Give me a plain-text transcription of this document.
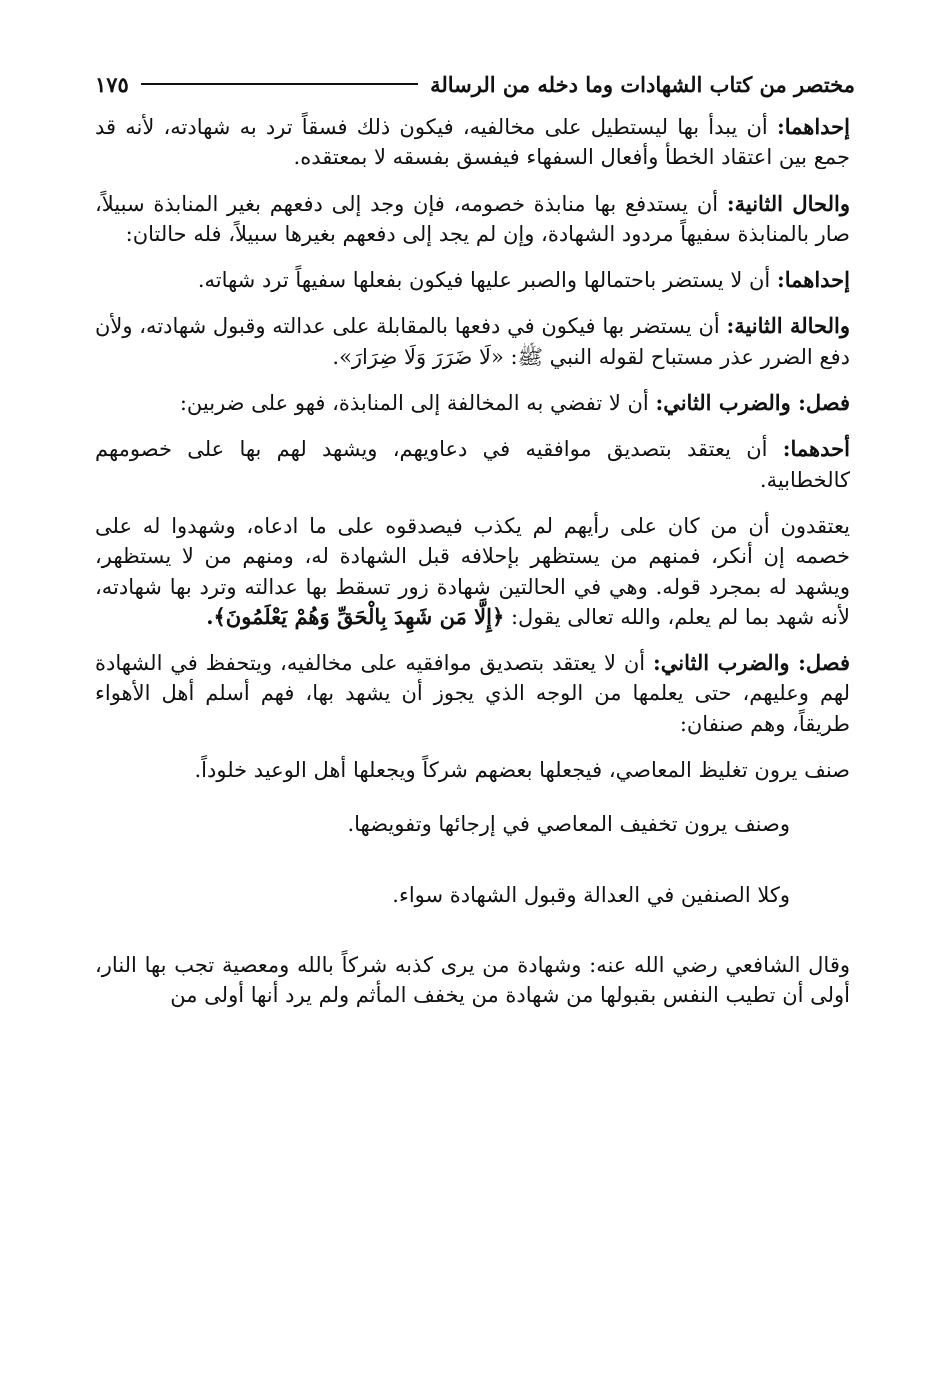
مختصر من كتاب الشهادات وما دخله من الرسالة
١٧٥

إحداهما: أن يبدأ بها ليستطيل على مخالفيه، فيكون ذلك فسقاً ترد به شهادته، لأنه قد جمع بين اعتقاد الخطأ وأفعال السفهاء فيفسق بفسقه لا بمعتقده.

والحال الثانية: أن يستدفع بها منابذة خصومه، فإن وجد إلى دفعهم بغير المنابذة سبيلاً، صار بالمنابذة سفيهاً مردود الشهادة، وإن لم يجد إلى دفعهم بغيرها سبيلاً، فله حالتان:

إحداهما: أن لا يستضر باحتمالها والصبر عليها فيكون بفعلها سفيهاً ترد شهاته.

والحالة الثانية: أن يستضر بها فيكون في دفعها بالمقابلة على عدالته وقبول شهادته، ولأن دفع الضرر عذر مستباح لقوله النبي ﷺ: «لَا ضَرَرَ وَلَا ضِرَارَ».

فصل: والضرب الثاني: أن لا تفضي به المخالفة إلى المنابذة، فهو على ضربين:

أحدهما: أن يعتقد بتصديق موافقيه في دعاويهم، ويشهد لهم بها على خصومهم كالخطابية.

يعتقدون أن من كان على رأيهم لم يكذب فيصدقوه على ما ادعاه، وشهدوا له على خصمه إن أنكر، فمنهم من يستظهر بإحلافه قبل الشهادة له، ومنهم من لا يستظهر، ويشهد له بمجرد قوله. وهي في الحالتين شهادة زور تسقط بها عدالته وترد بها شهادته، لأنه شهد بما لم يعلم، والله تعالى يقول: ﴿إِلَّا مَن شَهِدَ بِالْحَقِّ وَهُمْ يَعْلَمُونَ﴾.

فصل: والضرب الثاني: أن لا يعتقد بتصديق موافقيه على مخالفيه، ويتحفظ في الشهادة لهم وعليهم، حتى يعلمها من الوجه الذي يجوز أن يشهد بها، فهم أسلم أهل الأهواء طريقاً، وهم صنفان:

صنف يرون تغليظ المعاصي، فيجعلها بعضهم شركاً ويجعلها أهل الوعيد خلوداً.

وصنف يرون تخفيف المعاصي في إرجائها وتفويضها.

وكلا الصنفين في العدالة وقبول الشهادة سواء.

وقال الشافعي رضي الله عنه: وشهادة من يرى كذبه شركاً بالله ومعصية تجب بها النار، أولى أن تطيب النفس بقبولها من شهادة من يخفف المأثم ولم يرد أنها أولى من
